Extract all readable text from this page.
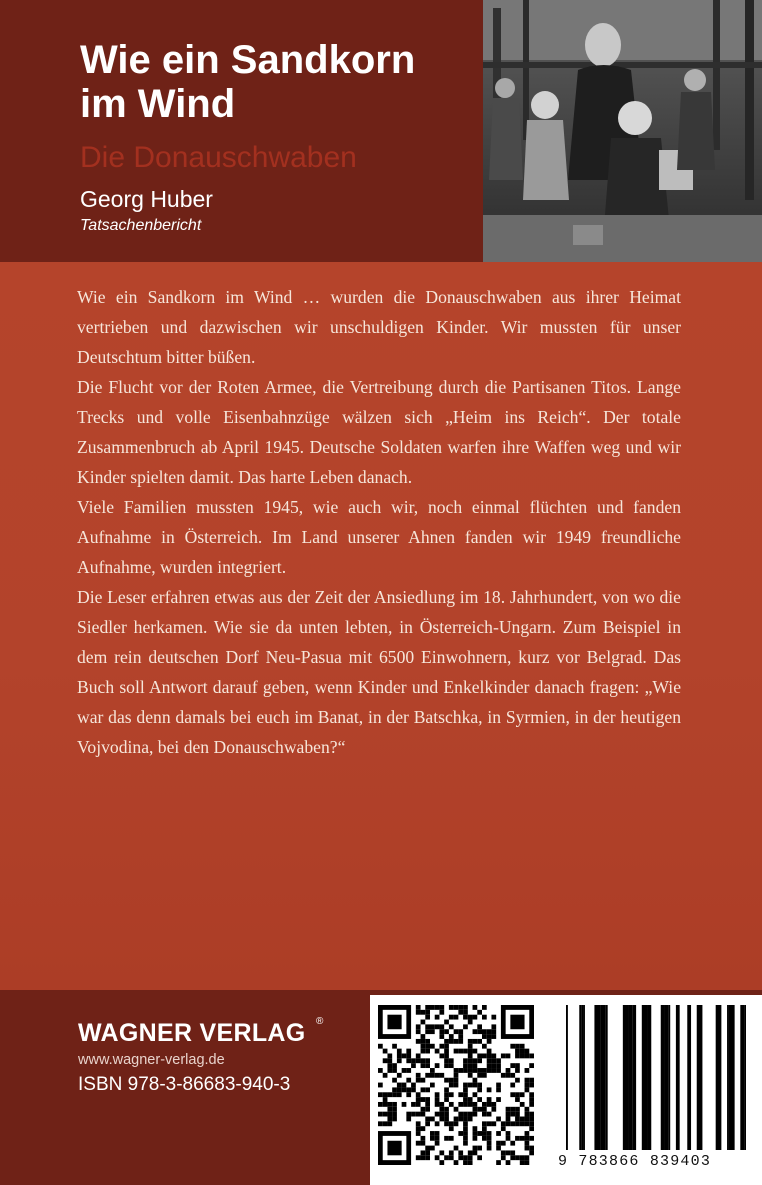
Wie ein Sandkorn
im Wind
Die Donauschwaben
Georg Huber
Tatsachenbericht

Wie ein Sandkorn im Wind … wurden die Donauschwaben aus ihrer Heimat vertrieben und dazwischen wir unschuldigen Kinder. Wir mussten für unser Deutschtum bitter büßen.

Die Flucht vor der Roten Armee, die Vertreibung durch die Partisanen Titos. Lange Trecks und volle Eisenbahnzüge wälzen sich „Heim ins Reich“. Der totale Zusammenbruch ab April 1945. Deutsche Soldaten warfen ihre Waffen weg und wir Kinder spielten damit. Das harte Leben danach.

Viele Familien mussten 1945, wie auch wir, noch einmal flüchten und fanden Aufnahme in Österreich. Im Land unserer Ahnen fanden wir 1949 freundliche Aufnahme, wurden integriert.

Die Leser erfahren etwas aus der Zeit der Ansiedlung im 18. Jahrhundert, von wo die Siedler herkamen. Wie sie da unten lebten, in Österreich-Ungarn. Zum Beispiel in dem rein deutschen Dorf Neu-Pasua mit 6500 Einwohnern, kurz vor Belgrad. Das Buch soll Antwort darauf geben, wenn Kinder und Enkelkinder danach fragen: „Wie war das denn damals bei euch im Banat, in der Batschka, in Syrmien, in der heutigen Vojvodina, bei den Donauschwaben?“

WAGNER VERLAG ®
www.wagner-verlag.de
ISBN 978-3-86683-940-3
9 783866 839403
